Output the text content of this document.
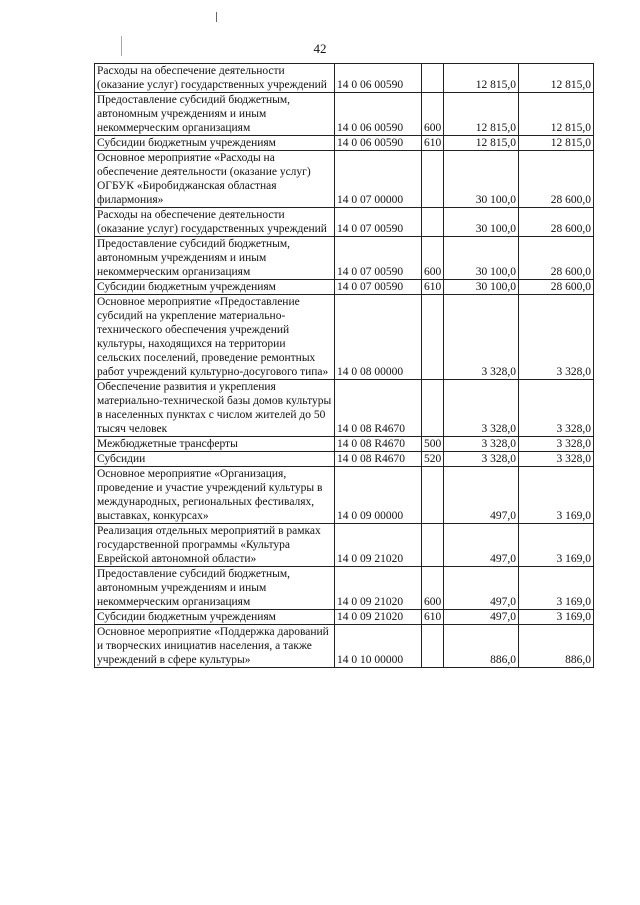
42
Расходы на обеспечение деятельности (оказание услуг) государственных учреждений	14 0 06 00590		12 815,0	12 815,0
Предоставление субсидий бюджетным, автономным учреждениям и иным некоммерческим организациям	14 0 06 00590	600	12 815,0	12 815,0
Субсидии бюджетным учреждениям	14 0 06 00590	610	12 815,0	12 815,0
Основное мероприятие «Расходы на обеспечение деятельности (оказание услуг) ОГБУК «Биробиджанская областная филармония»	14 0 07 00000		30 100,0	28 600,0
Расходы на обеспечение деятельности (оказание услуг) государственных учреждений	14 0 07 00590		30 100,0	28 600,0
Предоставление субсидий бюджетным, автономным учреждениям и иным некоммерческим организациям	14 0 07 00590	600	30 100,0	28 600,0
Субсидии бюджетным учреждениям	14 0 07 00590	610	30 100,0	28 600,0
Основное мероприятие «Предоставление субсидий на укрепление материально-технического обеспечения учреждений культуры, находящихся на территории сельских поселений, проведение ремонтных работ учреждений культурно-досугового типа»	14 0 08 00000		3 328,0	3 328,0
Обеспечение развития и укрепления материально-технической базы домов культуры в населенных пунктах с числом жителей до 50 тысяч человек	14 0 08 R4670		3 328,0	3 328,0
Межбюджетные трансферты	14 0 08 R4670	500	3 328,0	3 328,0
Субсидии	14 0 08 R4670	520	3 328,0	3 328,0
Основное мероприятие «Организация, проведение и участие учреждений культуры в международных, региональных фестивалях, выставках, конкурсах»	14 0 09 00000		497,0	3 169,0
Реализация отдельных мероприятий в рамках государственной программы «Культура Еврейской автономной области»	14 0 09 21020		497,0	3 169,0
Предоставление субсидий бюджетным, автономным учреждениям и иным некоммерческим организациям	14 0 09 21020	600	497,0	3 169,0
Субсидии бюджетным учреждениям	14 0 09 21020	610	497,0	3 169,0
Основное мероприятие «Поддержка дарований и творческих инициатив населения, а также учреждений в сфере культуры»	14 0 10 00000		886,0	886,0
